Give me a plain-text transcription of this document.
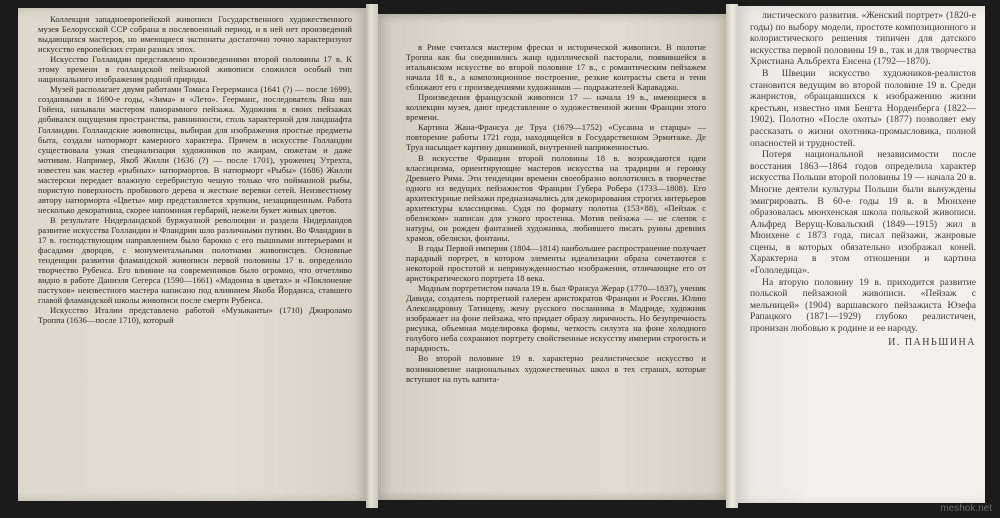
Коллекция западноевропейской живописи Государственного художественного музея Белорусской ССР собрана в послевоенный период, и в ней нет произведений выдающихся мастеров, но имеющиеся экспонаты достаточно точно характеризуют искусство европейских стран разных эпох.

Искусство Голландии представлено произведениями второй половины 17 в. К этому времени в голландской пейзажной живописи сложился особый тип национального изображения родной природы.

Музей располагает двумя работами Томаса Геерерманса (1641 (?) — после 1699), созданными в 1690-е годы, «Зима» и «Лето». Геерманс, последователь Яна ван Гойена, называли мастером панорамного пейзажа. Художник в своих пейзажах добивался ощущения пространства, равнинности, столь характерной для ландшафта Голландии. Голландские живописцы, выбирая для изображения простые предметы быта, создали натюрморт камерного характера. Причем в искусстве Голландии существовала узкая специализация художников по жанрам, сюжетам и даже мотивам. Например, Якоб Жилли (1636 (?) — после 1701), уроженец Утрехта, известен как мастер «рыбных» натюрмортов. В натюрморт «Рыбы» (1686) Жилли мастерски передает влажную серебристую чешую только что пойманной рыбы, пористую поверхность пробкового дерева и жесткие веревки сетей. Неизвестному автору натюрморта «Цветы» мир представляется хрупким, незащищенным. Работа несколько декоративна, скорее напоминая гербарий, нежели букет живых цветов.

В результате Нидерландской буржуазной революции и раздела Нидерландов развитие искусства Голландии и Фландрии шло различными путями. Во Фландрии в 17 в. господствующим направлением было барокко с его пышными интерьерами и фасадами дворцов, с монументальными полотнами живописцев. Основные тенденции развития фламандской живописи первой половины 17 в. определило творчество Рубенса. Его влияние на современников было огромно, что отчетливо видно в работе Даниэля Сегерса (1590—1661) «Мадонна в цветах» и «Поклонение пастухов» неизвестного мастера написано под влиянием Якоба Йорданса, ставшего главой фламандской школы живописи после смерти Рубенса.

Искусство Италии представлено работой «Музыканты» (1710) Джироламо Троппа (1636—после 1710), который

в Риме считался мастером фрески и исторической живописи. В полотне Троппа как бы соединились жанр идиллической пасторали, появившейся в итальянском искусстве во второй половине 17 в., с романтическим пейзажем начала 18 в., а композиционное построение, резкие контрасты света и тени сближают его с произведениями художников — подражателей Караваджо.

Произведения французской живописи 17 — начала 19 в., имеющиеся в коллекции музея, дают представление о художественной жизни Франции этого времени.

Картина Жана-Франсуа де Труа (1679—1752) «Сусанна и старцы» — повторение работы 1721 года, находящейся в Государственном Эрмитаже. Де Труа насыщает картину динамикой, внутренней напряженностью.

В искусстве Франции второй половины 18 в. возрождаются идеи классицизма, ориентирующие мастеров искусства на традиции и героику Древнего Рима. Эти тенденции времени своеобразно воплотились в творчестве одного из ведущих пейзажистов Франции Губера Робера (1733—1808). Его архитектурные пейзажи предназначались для декорирования строгих интерьеров архитектуры классицизма. Судя по формату полотна (153×88), «Пейзаж с обелиском» написан для узкого простенка. Мотив пейзажа — не слепок с натуры, он рожден фантазией художника, любившего писать руины древних храмов, обелиски, фонтаны.

В годы Первой империи (1804—1814) наибольшее распространение получает парадный портрет, в котором элементы идеализации образа сочетаются с некоторой простотой и непринужденностью изображения, отличающие его от аристократического портрета 18 века.

Модным портретистом начала 19 в. был Франсуа Жерар (1770—1837), ученик Давида, создатель портретной галереи аристократов Франции и России. Юлию Александровну Татищеву, жену русского посланника в Мадриде, художник изображает на фоне пейзажа, что придает образу лиричность. Но безупречность рисунка, объемная моделировка формы, четкость силуэта на фоне холодного голубого неба сохраняют портрету свойственные искусству империи строгость и парадность.

Во второй половине 19 в. характерно реалистическое искусство и возникновение национальных художественных школ в тех странах, которые вступают на путь капита-

листического развития. «Женский портрет» (1820-е годы) по выбору модели, простоте композиционного и колористического решения типичен для датского искусства первой половины 19 в., так и для творчества Христиана Альбрехта Енсена (1792—1870).

В Швеции искусство художников-реалистов становится ведущим во второй половине 19 в. Среди жанристов, обращавшихся к изображению жизни крестьян, известно имя Бенгта Норденберга (1822—1902). Полотно «После охоты» (1877) позволяет ему рассказать о жизни охотника-промысловика, полной опасностей и трудностей.

Потеря национальной независимости после восстания 1863—1864 годов определила характер искусства Польши второй половины 19 — начала 20 в. Многие деятели культуры Польши были вынуждены эмигрировать. В 60-е годы 19 в. в Мюнхене образовалась мюнхенская школа польской живописи. Альфред Верущ-Ковальский (1849—1915) жил в Мюнхене с 1873 года, писал пейзажи, жанровые сцены, в которых обязательно изображал коней. Характерна в этом отношении и картина «Гололедица».

На вторую половину 19 в. приходится развитие польской пейзажной живописи. «Пейзаж с мельницей» (1904) варшавского пейзажиста Юзефа Рапацкого (1871—1929) глубоко реалистичен, пронизан любовью к родине и ее народу.

И. ПАНЬШИНА
meshok.net
